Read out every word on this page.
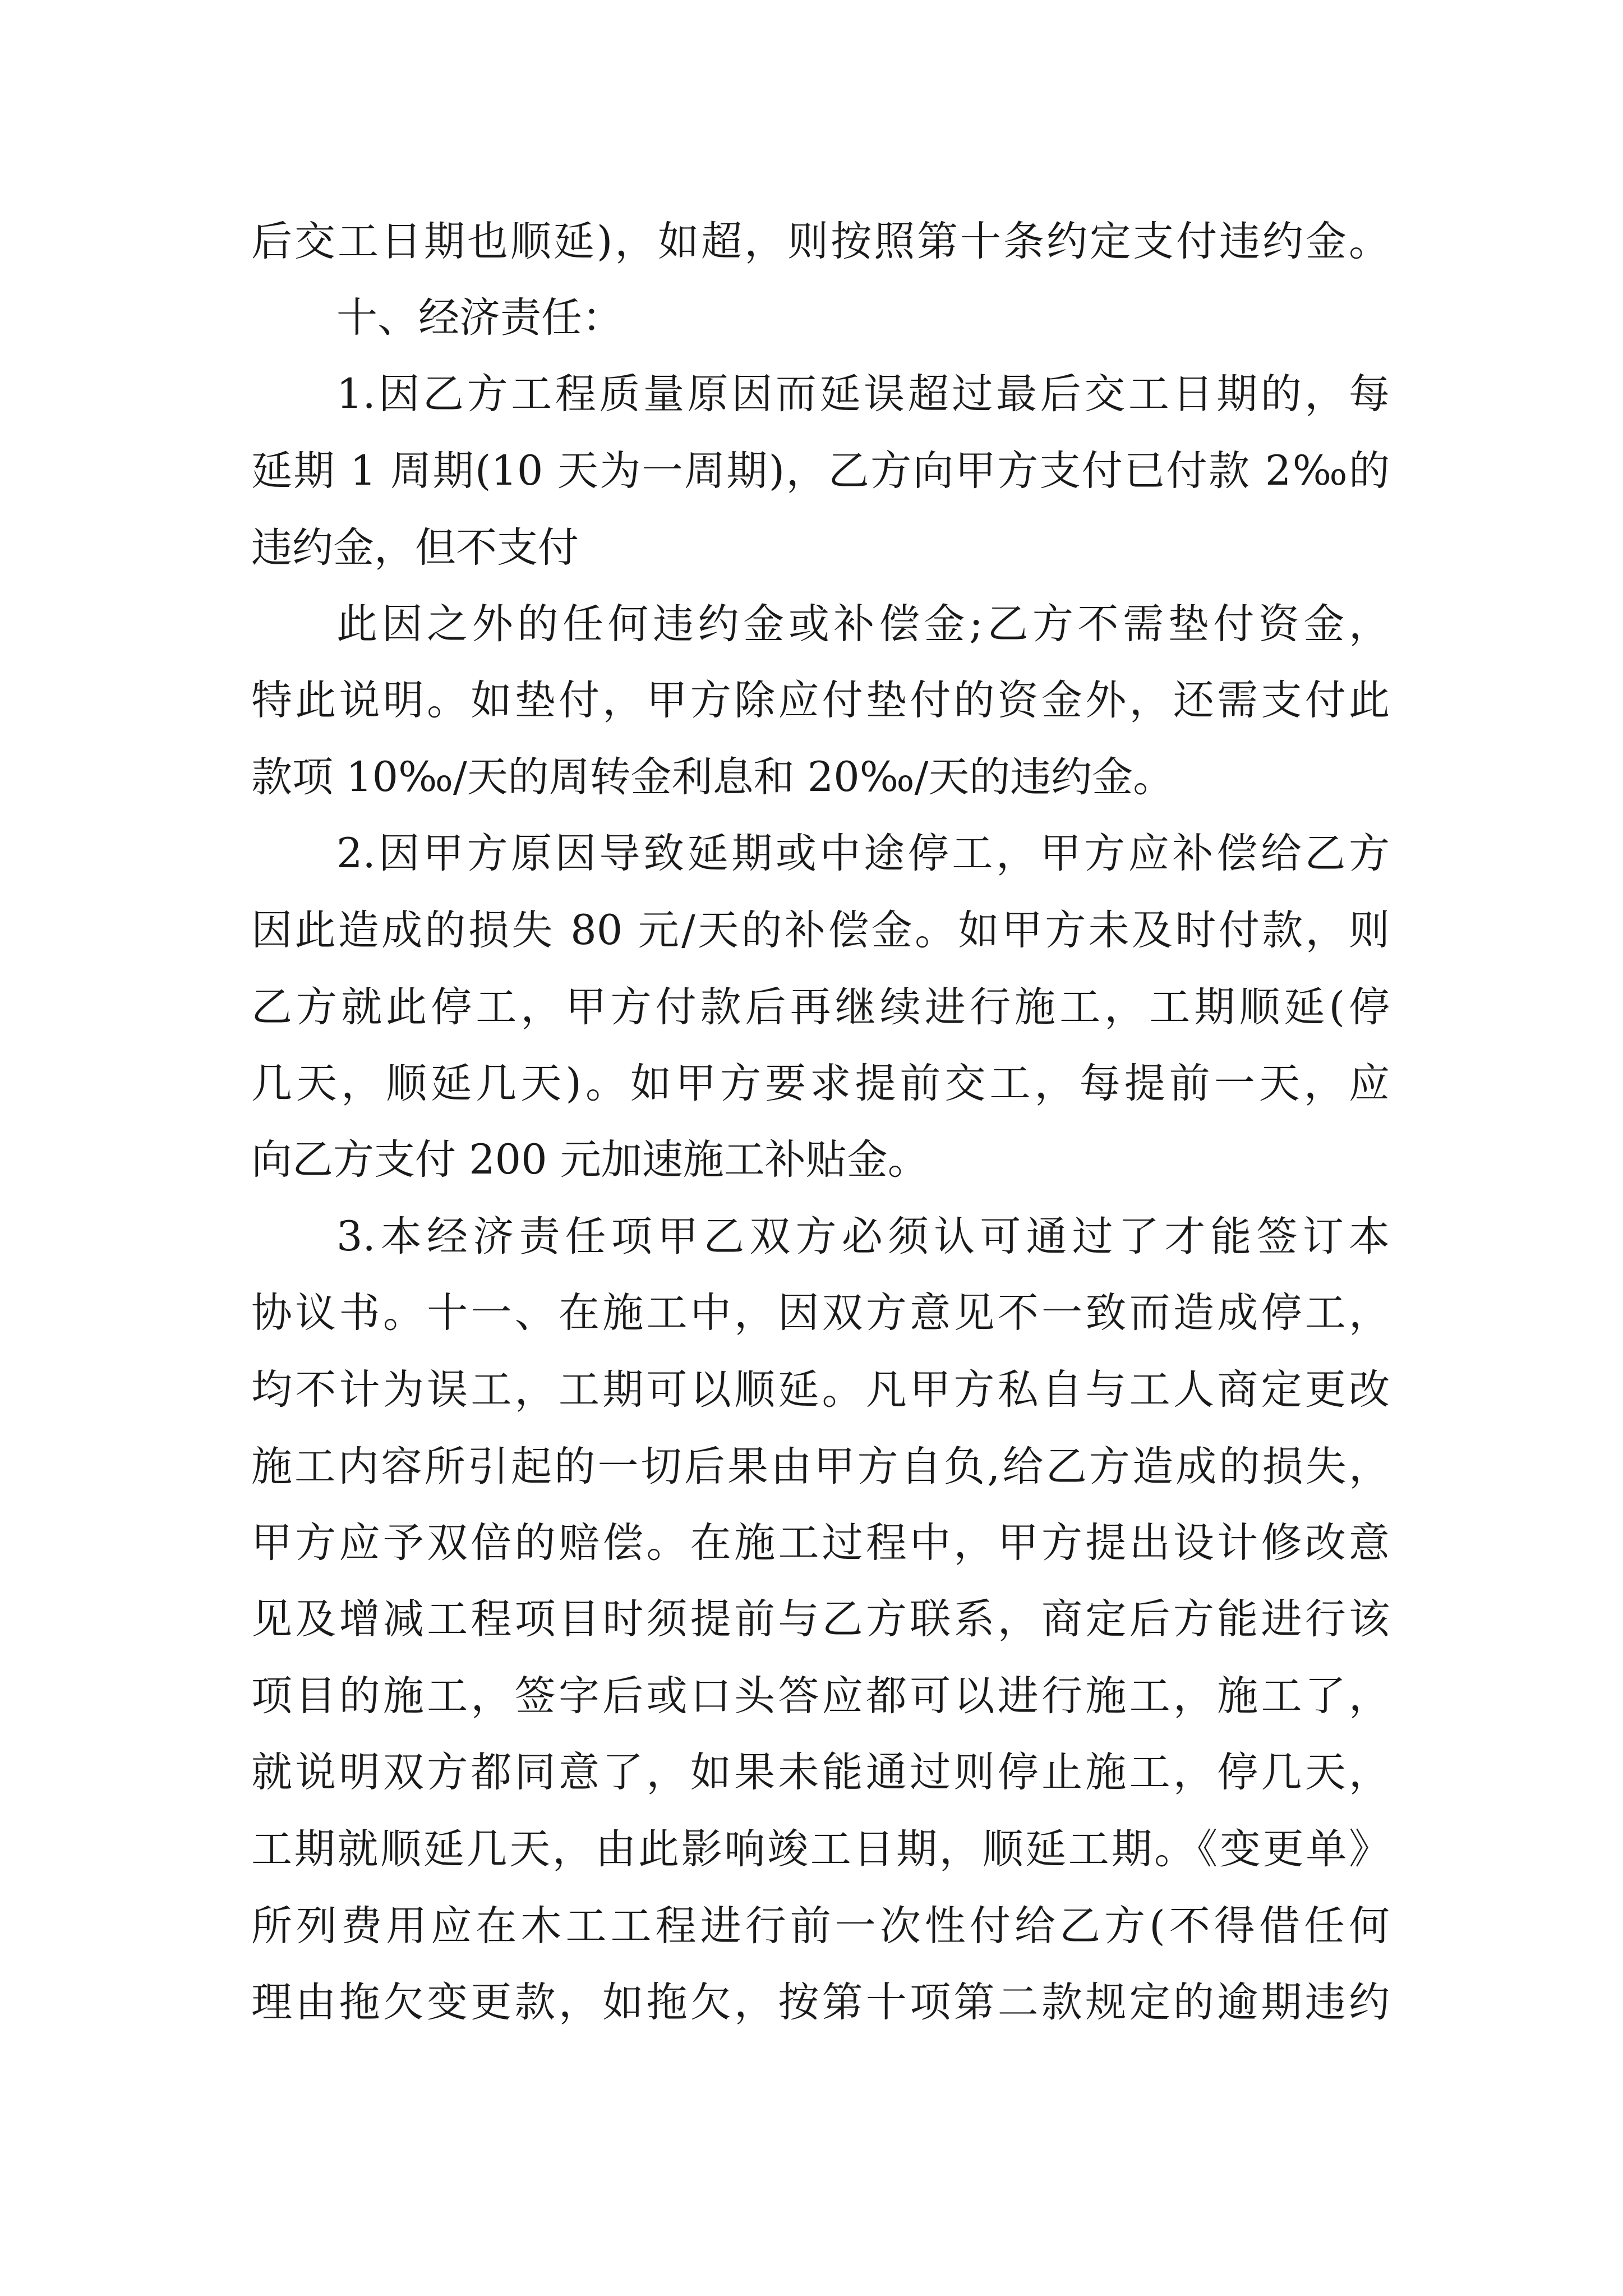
后交工日期也顺延)，如超，则按照第十条约定支付违约金。
十、经济责任：
1.因乙方工程质量原因而延误超过最后交工日期的，每
延期 1 周期(10 天为一周期)，乙方向甲方支付已付款 2‰的
违约金，但不支付
此因之外的任何违约金或补偿金;乙方不需垫付资金，
特此说明。如垫付，甲方除应付垫付的资金外，还需支付此
款项 10‰/天的周转金利息和 20‰/天的违约金。
2.因甲方原因导致延期或中途停工，甲方应补偿给乙方
因此造成的损失 80 元/天的补偿金。如甲方未及时付款，则
乙方就此停工，甲方付款后再继续进行施工，工期顺延(停
几天，顺延几天)。如甲方要求提前交工，每提前一天，应
向乙方支付 200 元加速施工补贴金。
3.本经济责任项甲乙双方必须认可通过了才能签订本
协议书。十一、在施工中，因双方意见不一致而造成停工，
均不计为误工，工期可以顺延。凡甲方私自与工人商定更改
施工内容所引起的一切后果由甲方自负,给乙方造成的损失，
甲方应予双倍的赔偿。在施工过程中，甲方提出设计修改意
见及增减工程项目时须提前与乙方联系，商定后方能进行该
项目的施工，签字后或口头答应都可以进行施工，施工了，
就说明双方都同意了，如果未能通过则停止施工，停几天，
工期就顺延几天，由此影响竣工日期，顺延工期。《变更单》
所列费用应在木工工程进行前一次性付给乙方(不得借任何
理由拖欠变更款，如拖欠，按第十项第二款规定的逾期违约
